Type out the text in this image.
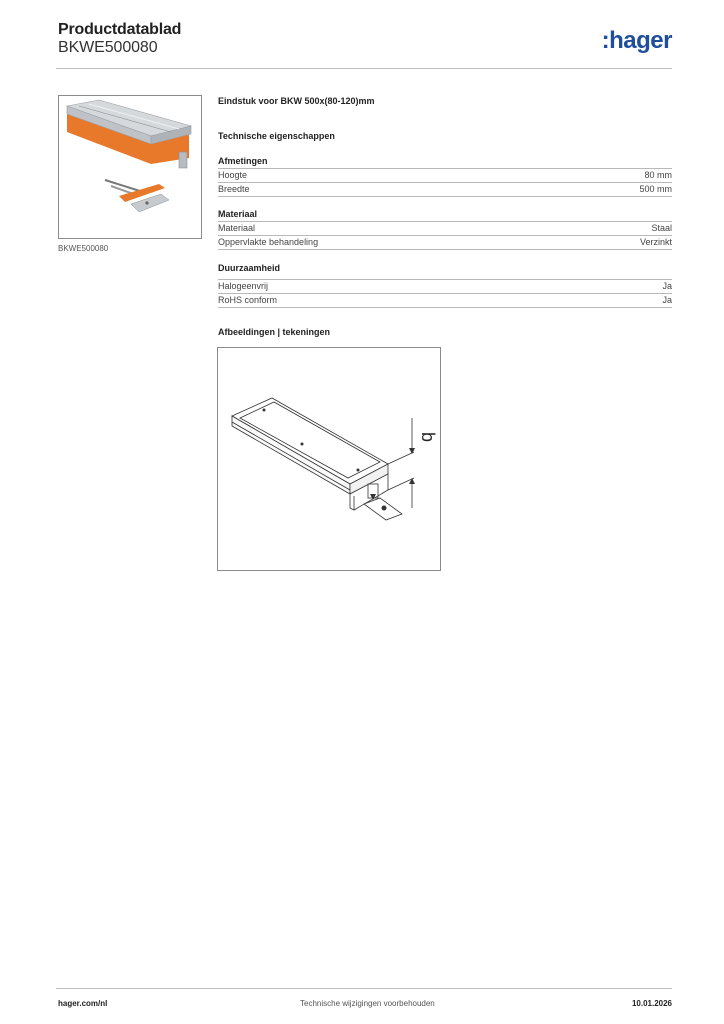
Productdatablad
BKWE500080	:hager
BKWE500080
Eindstuk voor BKW 500x(80-120)mm
Technische eigenschappen
Afmetingen
Hoogte	80 mm
Breedte	500 mm
Materiaal
Materiaal	Staal
Oppervlakte behandeling	Verzinkt
Duurzaamheid
Halogeenvrij	Ja
RoHS conform	Ja
Afbeeldingen | tekeningen
b
hager.com/nl	Technische wijzigingen voorbehouden	10.01.2026
